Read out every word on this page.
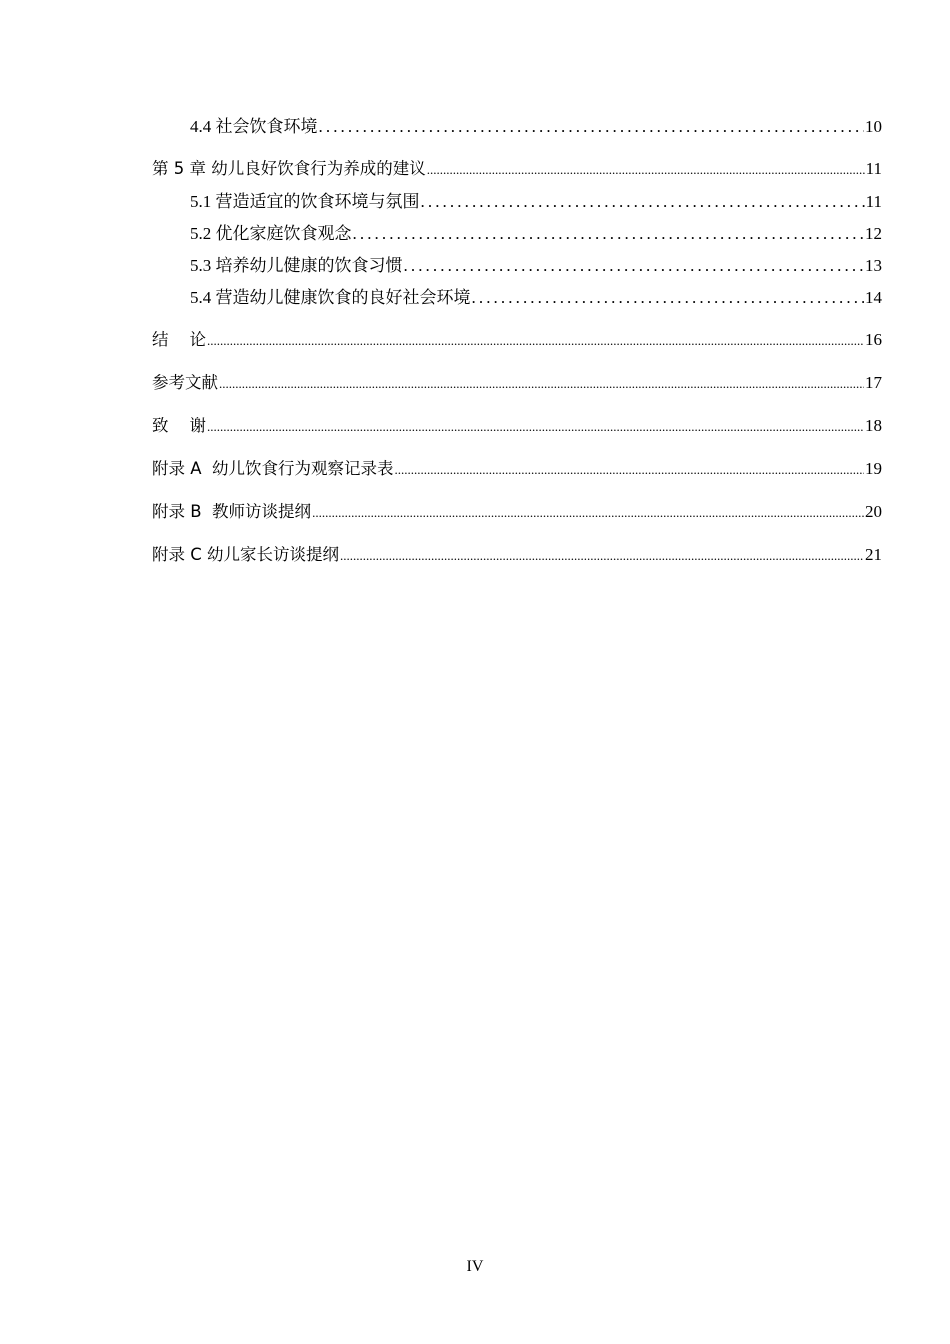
4.4 社会饮食环境 .....	10
第 5 章 幼儿良好饮食行为养成的建议 .....	11
5.1 营造适宜的饮食环境与氛围 .....	11
5.2 优化家庭饮食观念 .....	12
5.3 培养幼儿健康的饮食习惯 .....	13
5.4 营造幼儿健康饮食的良好社会环境 .....	14
结    论 .....	16
参考文献 .....	17
致    谢 .....	18
附录 A  幼儿饮食行为观察记录表 .....	19
附录 B  教师访谈提纲 .....	20
附录 C 幼儿家长访谈提纲 .....	21
IV
